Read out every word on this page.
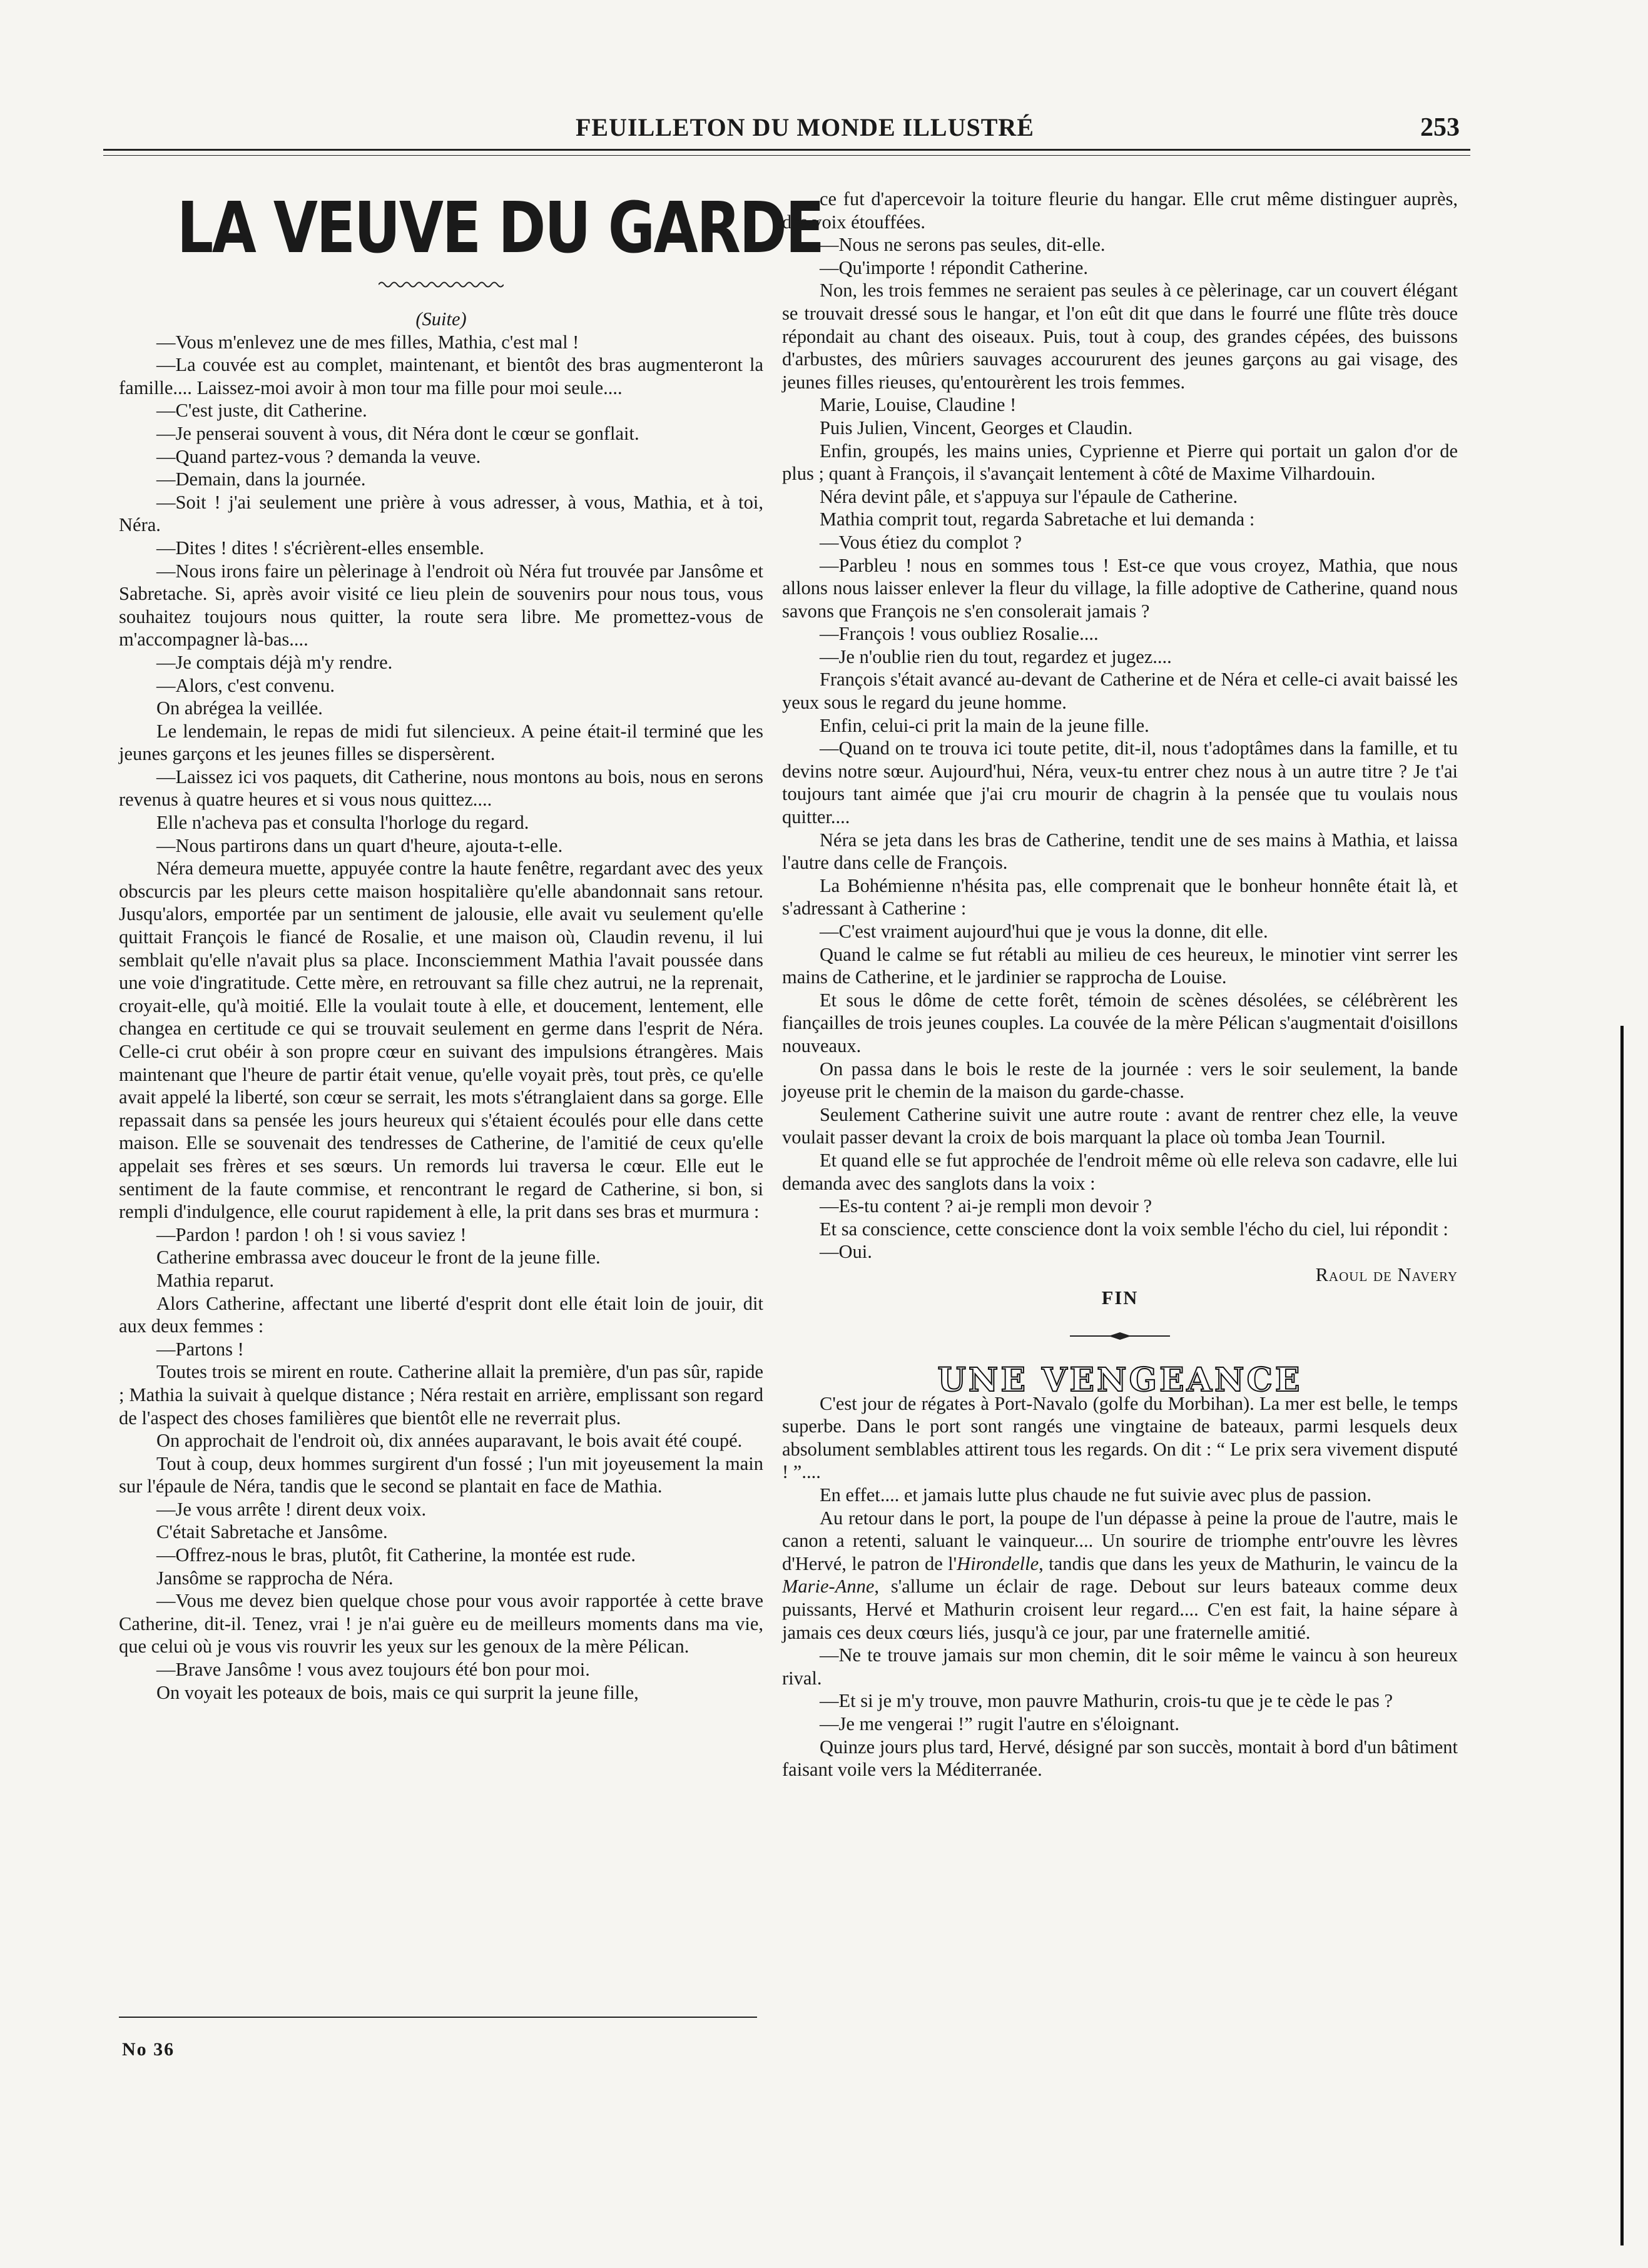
FEUILLETON DU MONDE ILLUSTRÉ	253
LA VEUVE DU GARDE

(Suite)

—Vous m'enlevez une de mes filles, Mathia, c'est mal !

—La couvée est au complet, maintenant, et bientôt des bras augmenteront la famille.... Laissez-moi avoir à mon tour ma fille pour moi seule....

—C'est juste, dit Catherine.

—Je penserai souvent à vous, dit Néra dont le cœur se gonflait.

—Quand partez-vous ? demanda la veuve.

—Demain, dans la journée.

—Soit ! j'ai seulement une prière à vous adresser, à vous, Mathia, et à toi, Néra.

—Dites ! dites ! s'écrièrent-elles ensemble.

—Nous irons faire un pèlerinage à l'endroit où Néra fut trouvée par Jansôme et Sabretache. Si, après avoir visité ce lieu plein de souvenirs pour nous tous, vous souhaitez toujours nous quitter, la route sera libre. Me promettez-vous de m'accompagner là-bas....

—Je comptais déjà m'y rendre.

—Alors, c'est convenu.

On abrégea la veillée.

Le lendemain, le repas de midi fut silencieux. A peine était-il terminé que les jeunes garçons et les jeunes filles se dispersèrent.

—Laissez ici vos paquets, dit Catherine, nous montons au bois, nous en serons revenus à quatre heures et si vous nous quittez....

Elle n'acheva pas et consulta l'horloge du regard.

—Nous partirons dans un quart d'heure, ajouta-t-elle.

Néra demeura muette, appuyée contre la haute fenêtre, regardant avec des yeux obscurcis par les pleurs cette maison hospitalière qu'elle abandonnait sans retour. Jusqu'alors, emportée par un sentiment de jalousie, elle avait vu seulement qu'elle quittait François le fiancé de Rosalie, et une maison où, Claudin revenu, il lui semblait qu'elle n'avait plus sa place. Inconsciemment Mathia l'avait poussée dans une voie d'ingratitude. Cette mère, en retrouvant sa fille chez autrui, ne la reprenait, croyait-elle, qu'à moitié. Elle la voulait toute à elle, et doucement, lentement, elle changea en certitude ce qui se trouvait seulement en germe dans l'esprit de Néra. Celle-ci crut obéir à son propre cœur en suivant des impulsions étrangères. Mais maintenant que l'heure de partir était venue, qu'elle voyait près, tout près, ce qu'elle avait appelé la liberté, son cœur se serrait, les mots s'étranglaient dans sa gorge. Elle repassait dans sa pensée les jours heureux qui s'étaient écoulés pour elle dans cette maison. Elle se souvenait des tendresses de Catherine, de l'amitié de ceux qu'elle appelait ses frères et ses sœurs. Un remords lui traversa le cœur. Elle eut le sentiment de la faute commise, et rencontrant le regard de Catherine, si bon, si rempli d'indulgence, elle courut rapidement à elle, la prit dans ses bras et murmura :

—Pardon ! pardon ! oh ! si vous saviez !

Catherine embrassa avec douceur le front de la jeune fille.

Mathia reparut.

Alors Catherine, affectant une liberté d'esprit dont elle était loin de jouir, dit aux deux femmes :

—Partons !

Toutes trois se mirent en route. Catherine allait la première, d'un pas sûr, rapide ; Mathia la suivait à quelque distance ; Néra restait en arrière, emplissant son regard de l'aspect des choses familières que bientôt elle ne reverrait plus.

On approchait de l'endroit où, dix années auparavant, le bois avait été coupé.

Tout à coup, deux hommes surgirent d'un fossé ; l'un mit joyeusement la main sur l'épaule de Néra, tandis que le second se plantait en face de Mathia.

—Je vous arrête ! dirent deux voix.

C'était Sabretache et Jansôme.

—Offrez-nous le bras, plutôt, fit Catherine, la montée est rude.

Jansôme se rapprocha de Néra.

—Vous me devez bien quelque chose pour vous avoir rapportée à cette brave Catherine, dit-il. Tenez, vrai ! je n'ai guère eu de meilleurs moments dans ma vie, que celui où je vous vis rouvrir les yeux sur les genoux de la mère Pélican.

—Brave Jansôme ! vous avez toujours été bon pour moi.

On voyait les poteaux de bois, mais ce qui surprit la jeune fille,

No 36

ce fut d'apercevoir la toiture fleurie du hangar. Elle crut même distinguer auprès, des voix étouffées.

—Nous ne serons pas seules, dit-elle.

—Qu'importe ! répondit Catherine.

Non, les trois femmes ne seraient pas seules à ce pèlerinage, car un couvert élégant se trouvait dressé sous le hangar, et l'on eût dit que dans le fourré une flûte très douce répondait au chant des oiseaux. Puis, tout à coup, des grandes cépées, des buissons d'arbustes, des mûriers sauvages accoururent des jeunes garçons au gai visage, des jeunes filles rieuses, qu'entourèrent les trois femmes.

Marie, Louise, Claudine !

Puis Julien, Vincent, Georges et Claudin.

Enfin, groupés, les mains unies, Cyprienne et Pierre qui portait un galon d'or de plus ; quant à François, il s'avançait lentement à côté de Maxime Vilhardouin.

Néra devint pâle, et s'appuya sur l'épaule de Catherine.

Mathia comprit tout, regarda Sabretache et lui demanda :

—Vous étiez du complot ?

—Parbleu ! nous en sommes tous ! Est-ce que vous croyez, Mathia, que nous allons nous laisser enlever la fleur du village, la fille adoptive de Catherine, quand nous savons que François ne s'en consolerait jamais ?

—François ! vous oubliez Rosalie....

—Je n'oublie rien du tout, regardez et jugez....

François s'était avancé au-devant de Catherine et de Néra et celle-ci avait baissé les yeux sous le regard du jeune homme.

Enfin, celui-ci prit la main de la jeune fille.

—Quand on te trouva ici toute petite, dit-il, nous t'adoptâmes dans la famille, et tu devins notre sœur. Aujourd'hui, Néra, veux-tu entrer chez nous à un autre titre ? Je t'ai toujours tant aimée que j'ai cru mourir de chagrin à la pensée que tu voulais nous quitter....

Néra se jeta dans les bras de Catherine, tendit une de ses mains à Mathia, et laissa l'autre dans celle de François.

La Bohémienne n'hésita pas, elle comprenait que le bonheur honnête était là, et s'adressant à Catherine :

—C'est vraiment aujourd'hui que je vous la donne, dit elle.

Quand le calme se fut rétabli au milieu de ces heureux, le minotier vint serrer les mains de Catherine, et le jardinier se rapprocha de Louise.

Et sous le dôme de cette forêt, témoin de scènes désolées, se célébrèrent les fiançailles de trois jeunes couples. La couvée de la mère Pélican s'augmentait d'oisillons nouveaux.

On passa dans le bois le reste de la journée : vers le soir seulement, la bande joyeuse prit le chemin de la maison du garde-chasse.

Seulement Catherine suivit une autre route : avant de rentrer chez elle, la veuve voulait passer devant la croix de bois marquant la place où tomba Jean Tournil.

Et quand elle se fut approchée de l'endroit même où elle releva son cadavre, elle lui demanda avec des sanglots dans la voix :

—Es-tu content ? ai-je rempli mon devoir ?

Et sa conscience, cette conscience dont la voix semble l'écho du ciel, lui répondit :

—Oui.

Raoul de Navery

FIN

UNE VENGEANCE

C'est jour de régates à Port-Navalo (golfe du Morbihan). La mer est belle, le temps superbe. Dans le port sont rangés une vingtaine de bateaux, parmi lesquels deux absolument semblables attirent tous les regards. On dit : “ Le prix sera vivement disputé ! ”....

En effet.... et jamais lutte plus chaude ne fut suivie avec plus de passion.

Au retour dans le port, la poupe de l'un dépasse à peine la proue de l'autre, mais le canon a retenti, saluant le vainqueur.... Un sourire de triomphe entr'ouvre les lèvres d'Hervé, le patron de l'Hirondelle, tandis que dans les yeux de Mathurin, le vaincu de la Marie-Anne, s'allume un éclair de rage. Debout sur leurs bateaux comme deux puissants, Hervé et Mathurin croisent leur regard.... C'en est fait, la haine sépare à jamais ces deux cœurs liés, jusqu'à ce jour, par une fraternelle amitié.

—Ne te trouve jamais sur mon chemin, dit le soir même le vaincu à son heureux rival.

—Et si je m'y trouve, mon pauvre Mathurin, crois-tu que je te cède le pas ?

—Je me vengerai !” rugit l'autre en s'éloignant.

Quinze jours plus tard, Hervé, désigné par son succès, montait à bord d'un bâtiment faisant voile vers la Méditerranée.
